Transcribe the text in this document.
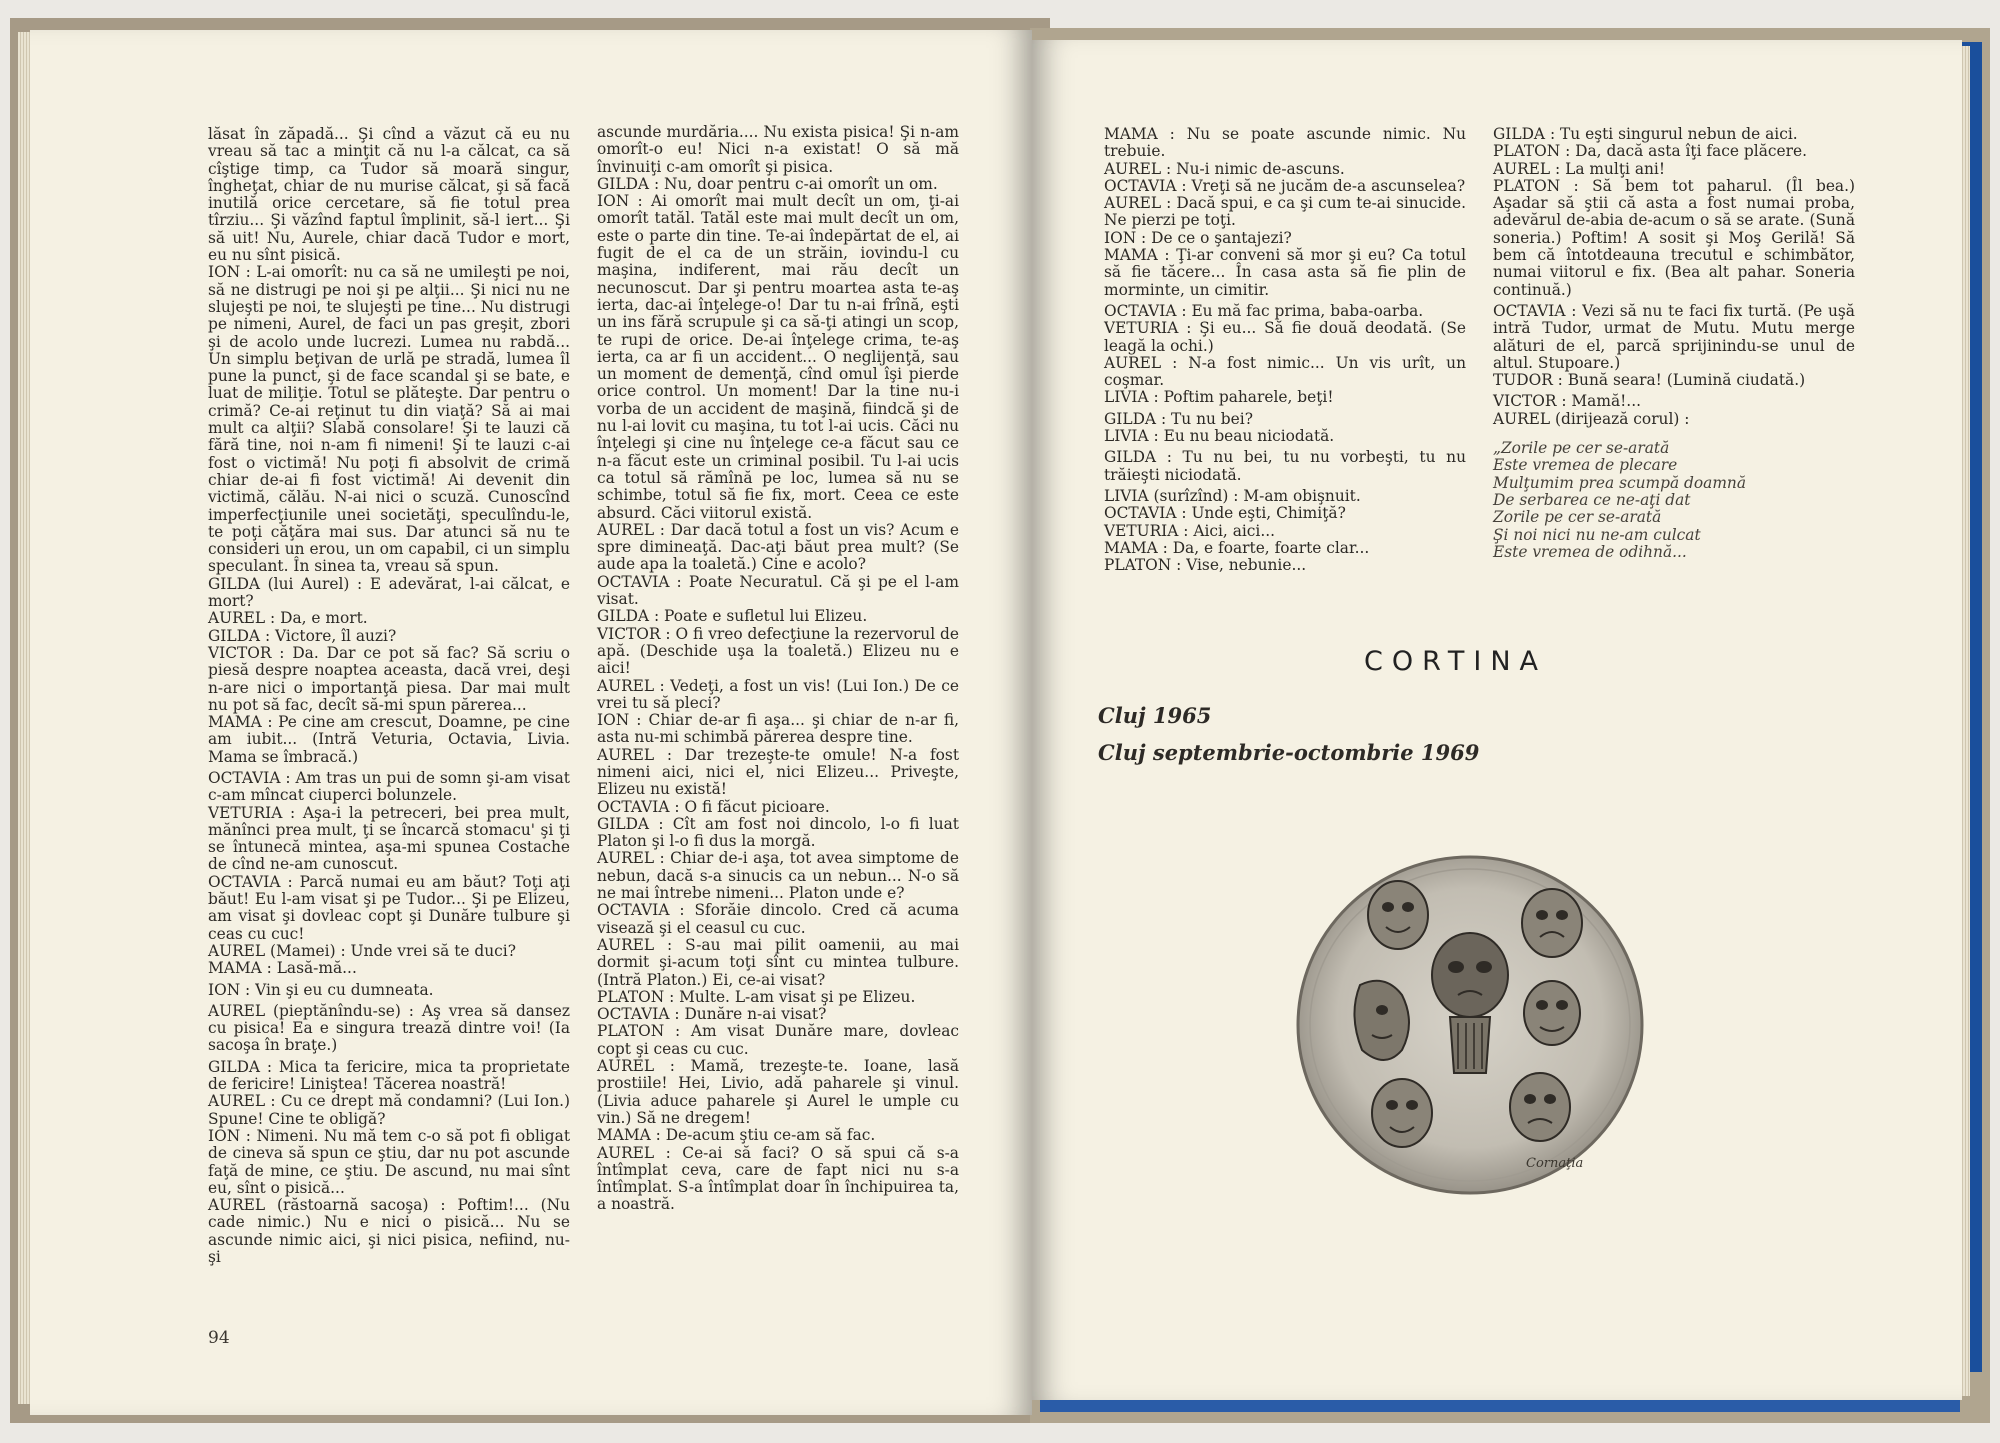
lăsat în zăpadă... Şi cînd a văzut că eu nu vreau să tac a minţit că nu l-a călcat, ca să cîştige timp, ca Tudor să moară singur, îngheţat, chiar de nu murise călcat, şi să facă inutilă orice cercetare, să fie totul prea tîrziu... Şi văzînd faptul împlinit, să-l iert... Şi să uit! Nu, Aurele, chiar dacă Tudor e mort, eu nu sînt pisică.

ION : L-ai omorît: nu ca să ne umileşti pe noi, să ne distrugi pe noi şi pe alţii... Şi nici nu ne slujeşti pe noi, te slujeşti pe tine... Nu distrugi pe nimeni, Aurel, de faci un pas greşit, zbori şi de acolo unde lucrezi. Lumea nu rabdă... Un simplu beţivan de urlă pe stradă, lumea îl pune la punct, şi de face scandal şi se bate, e luat de miliţie. Totul se plăteşte. Dar pentru o crimă? Ce-ai reţinut tu din viaţă? Să ai mai mult ca alţii? Slabă consolare! Şi te lauzi că fără tine, noi n-am fi nimeni! Şi te lauzi c-ai fost o victimă! Nu poţi fi absolvit de crimă chiar de-ai fi fost victimă! Ai devenit din victimă, călău. N-ai nici o scuză. Cunoscînd imperfecţiunile unei societăţi, speculîndu-le, te poţi căţăra mai sus. Dar atunci să nu te consideri un erou, un om capabil, ci un simplu speculant. În sinea ta, vreau să spun.

GILDA (lui Aurel) : E adevărat, l-ai călcat, e mort?

AUREL : Da, e mort.

GILDA : Victore, îl auzi?

VICTOR : Da. Dar ce pot să fac? Să scriu o piesă despre noaptea aceasta, dacă vrei, deşi n-are nici o importanţă piesa. Dar mai mult nu pot să fac, decît să-mi spun părerea...

MAMA : Pe cine am crescut, Doamne, pe cine am iubit... (Intră Veturia, Octavia, Livia. Mama se îmbracă.)

OCTAVIA : Am tras un pui de somn şi-am visat c-am mîncat ciuperci bolunzele.

VETURIA : Aşa-i la petreceri, bei prea mult, mănînci prea mult, ţi se încarcă stomacu' şi ţi se întunecă mintea, aşa-mi spunea Costache de cînd ne-am cunoscut.

OCTAVIA : Parcă numai eu am băut? Toţi aţi băut! Eu l-am visat şi pe Tudor... Şi pe Elizeu, am visat şi dovleac copt şi Dunăre tulbure şi ceas cu cuc!

AUREL (Mamei) : Unde vrei să te duci?

MAMA : Lasă-mă...

ION : Vin şi eu cu dumneata.

AUREL (pieptănîndu-se) : Aş vrea să dansez cu pisica! Ea e singura trează dintre voi! (Ia sacoşa în braţe.)

GILDA : Mica ta fericire, mica ta proprietate de fericire! Liniştea! Tăcerea noastră!

AUREL : Cu ce drept mă condamni? (Lui Ion.) Spune! Cine te obligă?

ION : Nimeni. Nu mă tem c-o să pot fi obligat de cineva să spun ce ştiu, dar nu pot ascunde faţă de mine, ce ştiu. De ascund, nu mai sînt eu, sînt o pisică...

AUREL (răstoarnă sacoşa) : Poftim!... (Nu cade nimic.) Nu e nici o pisică... Nu se ascunde nimic aici, şi nici pisica, nefiind, nu-şi

ascunde murdăria.... Nu exista pisica! Şi n-am omorît-o eu! Nici n-a existat! O să mă învinuiţi c-am omorît şi pisica.

GILDA : Nu, doar pentru c-ai omorît un om.

ION : Ai omorît mai mult decît un om, ţi-ai omorît tatăl. Tatăl este mai mult decît un om, este o parte din tine. Te-ai îndepărtat de el, ai fugit de el ca de un străin, iovindu-l cu maşina, indiferent, mai rău decît un necunoscut. Dar şi pentru moartea asta te-aş ierta, dac-ai înţelege-o! Dar tu n-ai frînă, eşti un ins fără scrupule şi ca să-ţi atingi un scop, te rupi de orice. De-ai înţelege crima, te-aş ierta, ca ar fi un accident... O neglijenţă, sau un moment de demenţă, cînd omul îşi pierde orice control. Un moment! Dar la tine nu-i vorba de un accident de maşină, fiindcă şi de nu l-ai lovit cu maşina, tu tot l-ai ucis. Căci nu înţelegi şi cine nu înţelege ce-a făcut sau ce n-a făcut este un criminal posibil. Tu l-ai ucis ca totul să rămînă pe loc, lumea să nu se schimbe, totul să fie fix, mort. Ceea ce este absurd. Căci viitorul există.

AUREL : Dar dacă totul a fost un vis? Acum e spre dimineaţă. Dac-aţi băut prea mult? (Se aude apa la toaletă.) Cine e acolo?

OCTAVIA : Poate Necuratul. Că şi pe el l-am visat.

GILDA : Poate e sufletul lui Elizeu.

VICTOR : O fi vreo defecţiune la rezervorul de apă. (Deschide uşa la toaletă.) Elizeu nu e aici!

AUREL : Vedeţi, a fost un vis! (Lui Ion.) De ce vrei tu să pleci?

ION : Chiar de-ar fi aşa... şi chiar de n-ar fi, asta nu-mi schimbă părerea despre tine.

AUREL : Dar trezeşte-te omule! N-a fost nimeni aici, nici el, nici Elizeu... Priveşte, Elizeu nu există!

OCTAVIA : O fi făcut picioare.

GILDA : Cît am fost noi dincolo, l-o fi luat Platon şi l-o fi dus la morgă.

AUREL : Chiar de-i aşa, tot avea simptome de nebun, dacă s-a sinucis ca un nebun... N-o să ne mai întrebe nimeni... Platon unde e?

OCTAVIA : Sforăie dincolo. Cred că acuma visează şi el ceasul cu cuc.

AUREL : S-au mai pilit oamenii, au mai dormit şi-acum toţi sînt cu mintea tulbure. (Intră Platon.) Ei, ce-ai visat?

PLATON : Multe. L-am visat şi pe Elizeu.

OCTAVIA : Dunăre n-ai visat?

PLATON : Am visat Dunăre mare, dovleac copt şi ceas cu cuc.

AUREL : Mamă, trezeşte-te. Ioane, lasă prostiile! Hei, Livio, adă paharele şi vinul. (Livia aduce paharele şi Aurel le umple cu vin.) Să ne dregem!

MAMA : De-acum ştiu ce-am să fac.

AUREL : Ce-ai să faci? O să spui că s-a întîmplat ceva, care de fapt nici nu s-a întîmplat. S-a întîmplat doar în închipuirea ta, a noastră.

94

MAMA : Nu se poate ascunde nimic. Nu trebuie.

AUREL : Nu-i nimic de-ascuns.

OCTAVIA : Vreţi să ne jucăm de-a ascunselea?

AUREL : Dacă spui, e ca şi cum te-ai sinucide. Ne pierzi pe toţi.

ION : De ce o şantajezi?

MAMA : Ţi-ar conveni să mor şi eu? Ca totul să fie tăcere... În casa asta să fie plin de morminte, un cimitir.

OCTAVIA : Eu mă fac prima, baba-oarba.

VETURIA : Şi eu... Să fie două deodată. (Se leagă la ochi.)

AUREL : N-a fost nimic... Un vis urît, un coşmar.

LIVIA : Poftim paharele, beţi!

GILDA : Tu nu bei?

LIVIA : Eu nu beau niciodată.

GILDA : Tu nu bei, tu nu vorbeşti, tu nu trăieşti niciodată.

LIVIA (surîzînd) : M-am obişnuit.

OCTAVIA : Unde eşti, Chimiţă?

VETURIA : Aici, aici...

MAMA : Da, e foarte, foarte clar...

PLATON : Vise, nebunie...

GILDA : Tu eşti singurul nebun de aici.

PLATON : Da, dacă asta îţi face plăcere.

AUREL : La mulţi ani!

PLATON : Să bem tot paharul. (Îl bea.) Aşadar să ştii că asta a fost numai proba, adevărul de-abia de-acum o să se arate. (Sună soneria.) Poftim! A sosit şi Moş Gerilă! Să bem că întotdeauna trecutul e schimbător, numai viitorul e fix. (Bea alt pahar. Soneria continuă.)

OCTAVIA : Vezi să nu te faci fix turtă. (Pe uşă intră Tudor, urmat de Mutu. Mutu merge alături de el, parcă sprijinindu-se unul de altul. Stupoare.)

TUDOR : Bună seara! (Lumină ciudată.)

VICTOR : Mamă!...

AUREL (dirijează corul) :

„Zorile pe cer se-arată

Este vremea de plecare

Mulţumim prea scumpă doamnă

De serbarea ce ne-aţi dat

Zorile pe cer se-arată

Şi noi nici nu ne-am culcat

Este vremea de odihnă...

CORTINA
Cluj 1965
Cluj septembrie-octombrie 1969
Cornaţia
